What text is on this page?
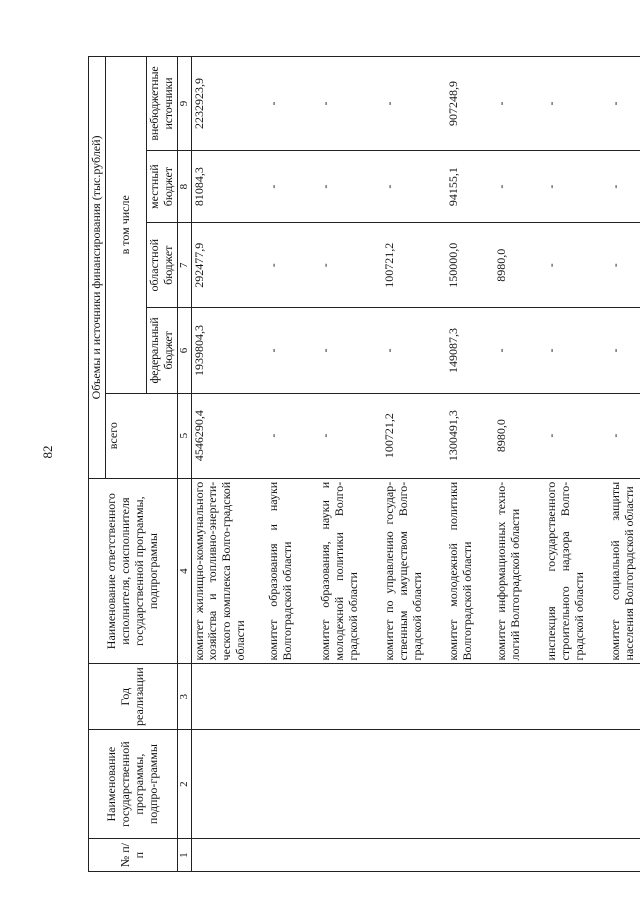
82
№ п/п	Наименование государственной программы, подпро-граммы	Год реализации	Наименование ответственного исполнителя, соисполнителя государственной программы, подпрограммы	Объемы и источники финансирования (тыс.рублей)				
				всего	в том числе			
					федеральный бюджет	областной бюджет	местный бюджет	внебюджетные источники
1	2	3	4	5	6	7	8	9
			комитет жилищно-коммунального хозяйства и топливно-энергети-ческого комплекса Волго-градской области	4546290,4	1939804,3	292477,9	81084,3	2232923,9
			комитет образования и науки Волгоградской области	-	-	-	-	-
			комитет образования, науки и молодежной политики Волго-градской области	-	-	-	-	-
			комитет по управлению государ-ственным имуществом Волго-градской области	100721,2	-	100721,2	-	-
			комитет молодежной политики Волгоградской области	1300491,3	149087,3	150000,0	94155,1	907248,9
			комитет информационных техно-логий Волгоградской области	8980,0	-	8980,0	-	-
			инспекция государственного строительного надзора Волго-градской области	-	-	-	-	-
			комитет социальной защиты населения Волгоградской области	-	-	-	-	-
